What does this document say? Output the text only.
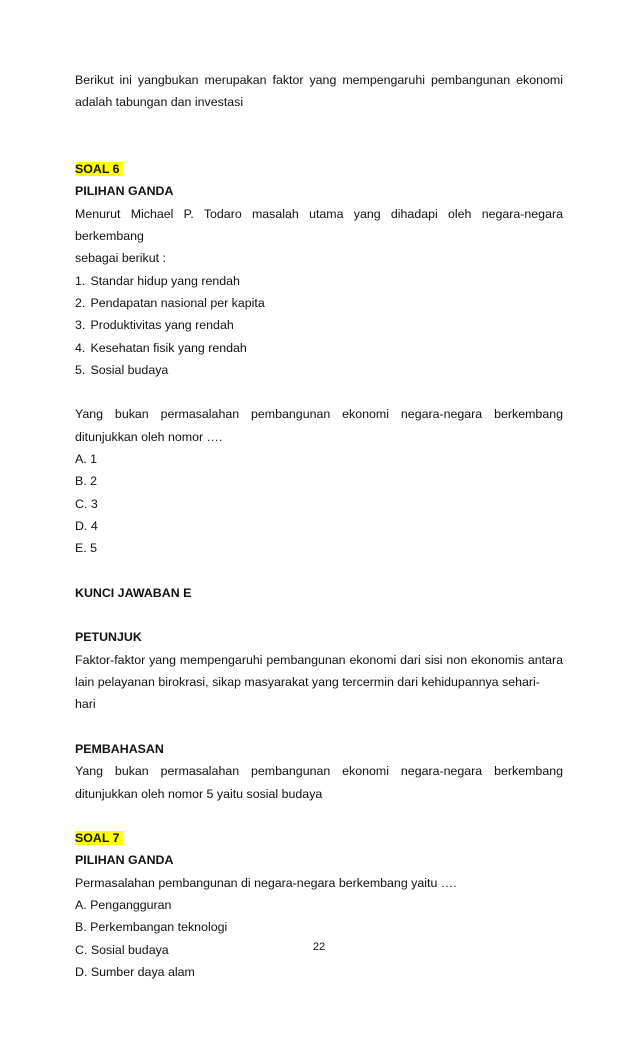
Berikut ini yangbukan merupakan faktor yang mempengaruhi pembangunan ekonomi

adalah tabungan dan investasi

SOAL 6

PILIHAN GANDA

Menurut Michael P. Todaro masalah utama yang dihadapi oleh negara-negara berkembang

sebagai berikut :

1. Standar hidup yang rendah

2. Pendapatan nasional per kapita

3. Produktivitas yang rendah

4. Kesehatan fisik yang rendah

5. Sosial budaya

Yang bukan permasalahan pembangunan ekonomi negara-negara berkembang

ditunjukkan oleh nomor ….

A. 1

B. 2

C. 3

D. 4

E. 5

KUNCI JAWABAN E

PETUNJUK

Faktor-faktor yang mempengaruhi pembangunan ekonomi dari sisi non ekonomis antara

lain pelayanan birokrasi, sikap masyarakat yang tercermin dari kehidupannya sehari- hari

PEMBAHASAN

Yang bukan permasalahan pembangunan ekonomi negara-negara berkembang

ditunjukkan oleh nomor 5 yaitu sosial budaya

SOAL 7

PILIHAN GANDA

Permasalahan pembangunan di negara-negara berkembang yaitu ….

A. Pengangguran

B. Perkembangan teknologi

C. Sosial budaya

D. Sumber daya alam

22
